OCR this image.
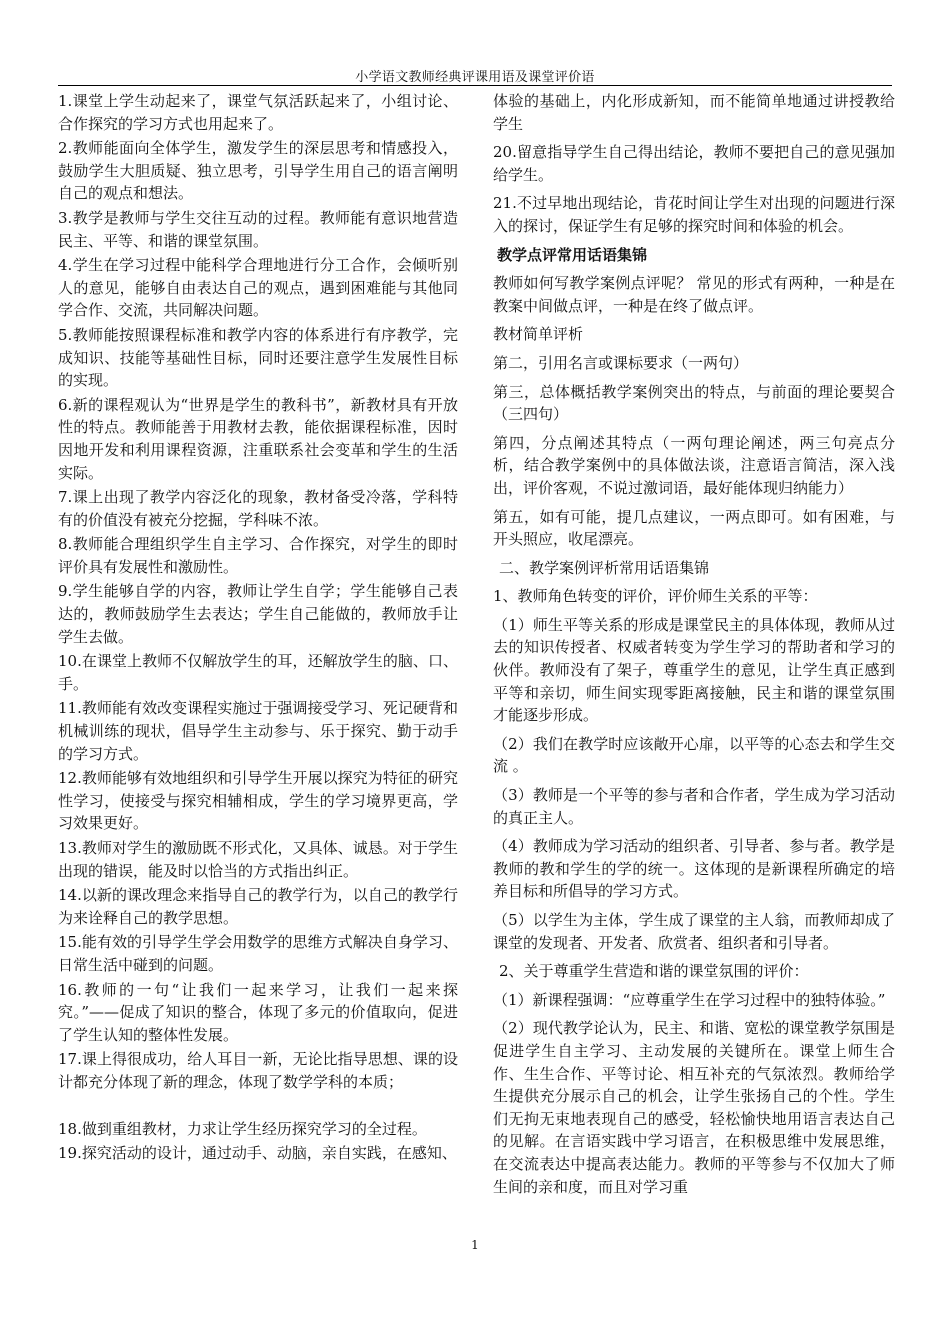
小学语文教师经典评课用语及课堂评价语

1.课堂上学生动起来了，课堂气氛活跃起来了，小组讨论、合作探究的学习方式也用起来了。

2.教师能面向全体学生，激发学生的深层思考和情感投入，鼓励学生大胆质疑、独立思考，引导学生用自己的语言阐明自己的观点和想法。

3.教学是教师与学生交往互动的过程。教师能有意识地营造民主、平等、和谐的课堂氛围。

4.学生在学习过程中能科学合理地进行分工合作，会倾听别人的意见，能够自由表达自己的观点，遇到困难能与其他同学合作、交流，共同解决问题。

5.教师能按照课程标准和教学内容的体系进行有序教学，完成知识、技能等基础性目标，同时还要注意学生发展性目标的实现。

6.新的课程观认为“世界是学生的教科书”，新教材具有开放性的特点。教师能善于用教材去教，能依据课程标准，因时因地开发和利用课程资源，注重联系社会变革和学生的生活实际。

7.课上出现了教学内容泛化的现象，教材备受冷落，学科特有的价值没有被充分挖掘，学科味不浓。

8.教师能合理组织学生自主学习、合作探究，对学生的即时评价具有发展性和激励性。

9.学生能够自学的内容，教师让学生自学；学生能够自己表达的，教师鼓励学生去表达；学生自己能做的，教师放手让学生去做。

10.在课堂上教师不仅解放学生的耳，还解放学生的脑、口、手。

11.教师能有效改变课程实施过于强调接受学习、死记硬背和机械训练的现状，倡导学生主动参与、乐于探究、勤于动手的学习方式。

12.教师能够有效地组织和引导学生开展以探究为特征的研究性学习，使接受与探究相辅相成，学生的学习境界更高，学习效果更好。

13.教师对学生的激励既不形式化，又具体、诚恳。对于学生出现的错误，能及时以恰当的方式指出纠正。

14.以新的课改理念来指导自己的教学行为，以自己的教学行为来诠释自己的教学思想。

15.能有效的引导学生学会用数学的思维方式解决自身学习、日常生活中碰到的问题。

16.教师的一句“让我们一起来学习，让我们一起来探究。”——促成了知识的整合，体现了多元的价值取向，促进了学生认知的整体性发展。

17.课上得很成功，给人耳目一新，无论比指导思想、课的设计都充分体现了新的理念，体现了数学学科的本质；

18.做到重组教材，力求让学生经历探究学习的全过程。

19.探究活动的设计，通过动手、动脑，亲自实践，在感知、

体验的基础上，内化形成新知，而不能简单地通过讲授教给学生

20.留意指导学生自己得出结论，教师不要把自己的意见强加给学生。

21.不过早地出现结论，肯花时间让学生对出现的问题进行深入的探讨，保证学生有足够的探究时间和体验的机会。

教学点评常用话语集锦

教师如何写教学案例点评呢？ 常见的形式有两种，一种是在教案中间做点评，一种是在终了做点评。

教材简单评析

第二，引用名言或课标要求（一两句）

第三，总体概括教学案例突出的特点，与前面的理论要契合（三四句）

第四，分点阐述其特点（一两句理论阐述，两三句亮点分析，结合教学案例中的具体做法谈，注意语言简洁，深入浅出，评价客观，不说过激词语，最好能体现归纳能力）

第五，如有可能，提几点建议，一两点即可。如有困难，与开头照应，收尾漂亮。

二、教学案例评析常用话语集锦

1、教师角色转变的评价，评价师生关系的平等：

（1）师生平等关系的形成是课堂民主的具体体现，教师从过去的知识传授者、权威者转变为学生学习的帮助者和学习的伙伴。教师没有了架子，尊重学生的意见，让学生真正感到平等和亲切，师生间实现零距离接触，民主和谐的课堂氛围才能逐步形成。

（2）我们在教学时应该敞开心扉，以平等的心态去和学生交流 。

（3）教师是一个平等的参与者和合作者，学生成为学习活动的真正主人。

（4）教师成为学习活动的组织者、引导者、参与者。教学是教师的教和学生的学的统一。这体现的是新课程所确定的培养目标和所倡导的学习方式。

（5）以学生为主体，学生成了课堂的主人翁，而教师却成了课堂的发现者、开发者、欣赏者、组织者和引导者。

2、关于尊重学生营造和谐的课堂氛围的评价：

（1）新课程强调：“应尊重学生在学习过程中的独特体验。”

（2）现代教学论认为，民主、和谐、宽松的课堂教学氛围是促进学生自主学习、主动发展的关键所在。课堂上师生合作、生生合作、平等讨论、相互补充的气氛浓烈。教师给学生提供充分展示自己的机会，让学生张扬自己的个性。学生们无拘无束地表现自己的感受，轻松愉快地用语言表达自己的见解。在言语实践中学习语言，在积极思维中发展思维，在交流表达中提高表达能力。教师的平等参与不仅加大了师生间的亲和度，而且对学习重

1
